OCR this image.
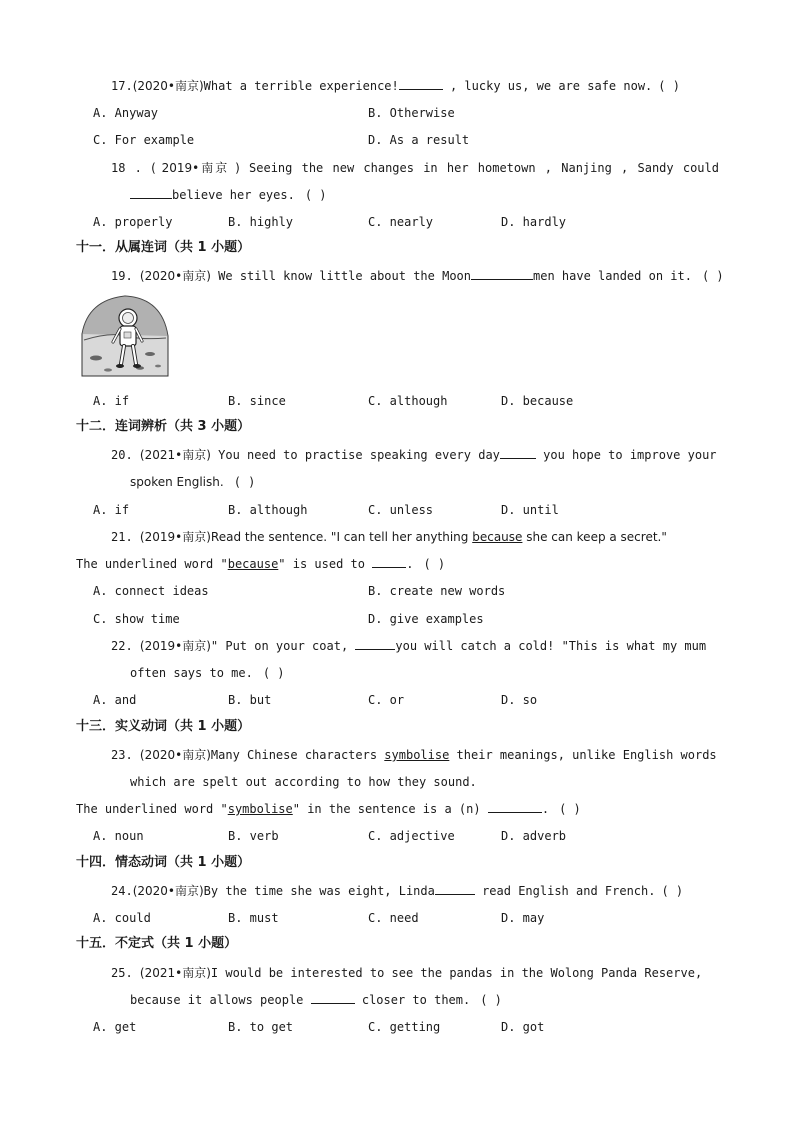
17.(2020•南京)What a terrible experience!	, lucky us, we are safe now. ( )
A. Anyway	B. Otherwise
C. For example	D. As a result
18 . ( 2019•南京 ) Seeing the new changes in her hometown , Nanjing , Sandy could
believe her eyes. ( )
A. properly	B. highly	C. nearly	D. hardly
十一．从属连词（共 1 小题）
19. (2020•南京) We still know little about the Moon	men have landed on it. ( )
A. if	B. since	C. although	D. because
十二．连词辨析（共 3 小题）
20. (2021•南京) You need to practise speaking every day	you hope to improve your
spoken English. ( )
A. if	B. although	C. unless	D. until
21. (2019•南京)Read the sentence. "I can tell her anything because she can keep a secret."
The underlined word "because" is used to	. ( )
A. connect ideas	B. create new words
C. show time	D. give examples
22. (2019•南京)" Put on your coat,	you will catch a cold! "This is what my mum
often says to me. ( )
A. and	B. but	C. or	D. so
十三．实义动词（共 1 小题）
23. (2020•南京)Many Chinese characters symbolise their meanings, unlike English words
which are spelt out according to how they sound.
The underlined word "symbolise" in the sentence is a (n)	. ( )
A. noun	B. verb	C. adjective	D. adverb
十四．情态动词（共 1 小题）
24.(2020•南京)By the time she was eight, Linda	read English and French. ( )
A. could	B. must	C. need	D. may
十五．不定式（共 1 小题）
25. (2021•南京)I would be interested to see the pandas in the Wolong Panda Reserve,
because it allows people	closer to them. ( )
A. get	B. to get	C. getting	D. got
